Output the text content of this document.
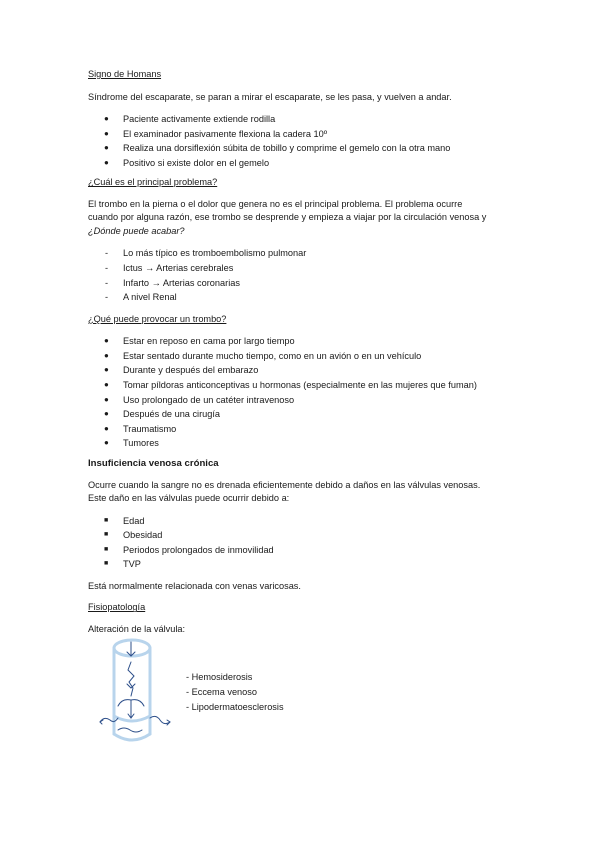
Signo de Homans

Síndrome del escaparate, se paran a mirar el escaparate, se les pasa, y vuelven a andar.

● Paciente activamente extiende rodilla
● El examinador pasivamente flexiona la cadera 10º
● Realiza una dorsiflexión súbita de tobillo y comprime el gemelo con la otra mano
● Positivo si existe dolor en el gemelo

¿Cuál es el principal problema?

El trombo en la pierna o el dolor que genera no es el principal problema. El problema ocurre

cuando por alguna razón, ese trombo se desprende y empieza a viajar por la circulación venosa y

¿Dónde puede acabar?

- Lo más típico es tromboembolismo pulmonar
- Ictus → Arterias cerebrales
- Infarto → Arterias coronarias
- A nivel Renal

¿Qué puede provocar un trombo?

● Estar en reposo en cama por largo tiempo
● Estar sentado durante mucho tiempo, como en un avión o en un vehículo
● Durante y después del embarazo
● Tomar píldoras anticonceptivas u hormonas (especialmente en las mujeres que fuman)
● Uso prolongado de un catéter intravenoso
● Después de una cirugía
● Traumatismo
● Tumores

Insuficiencia venosa crónica

Ocurre cuando la sangre no es drenada eficientemente debido a daños en las válvulas venosas.

Este daño en las válvulas puede ocurrir debido a:

■ Edad
■ Obesidad
■ Periodos prolongados de inmovilidad
■ TVP

Está normalmente relacionada con venas varicosas.

Fisiopatología

Alteración de la válvula:

- Hemosiderosis

- Eccema venoso

- Lipodermatoesclerosis
